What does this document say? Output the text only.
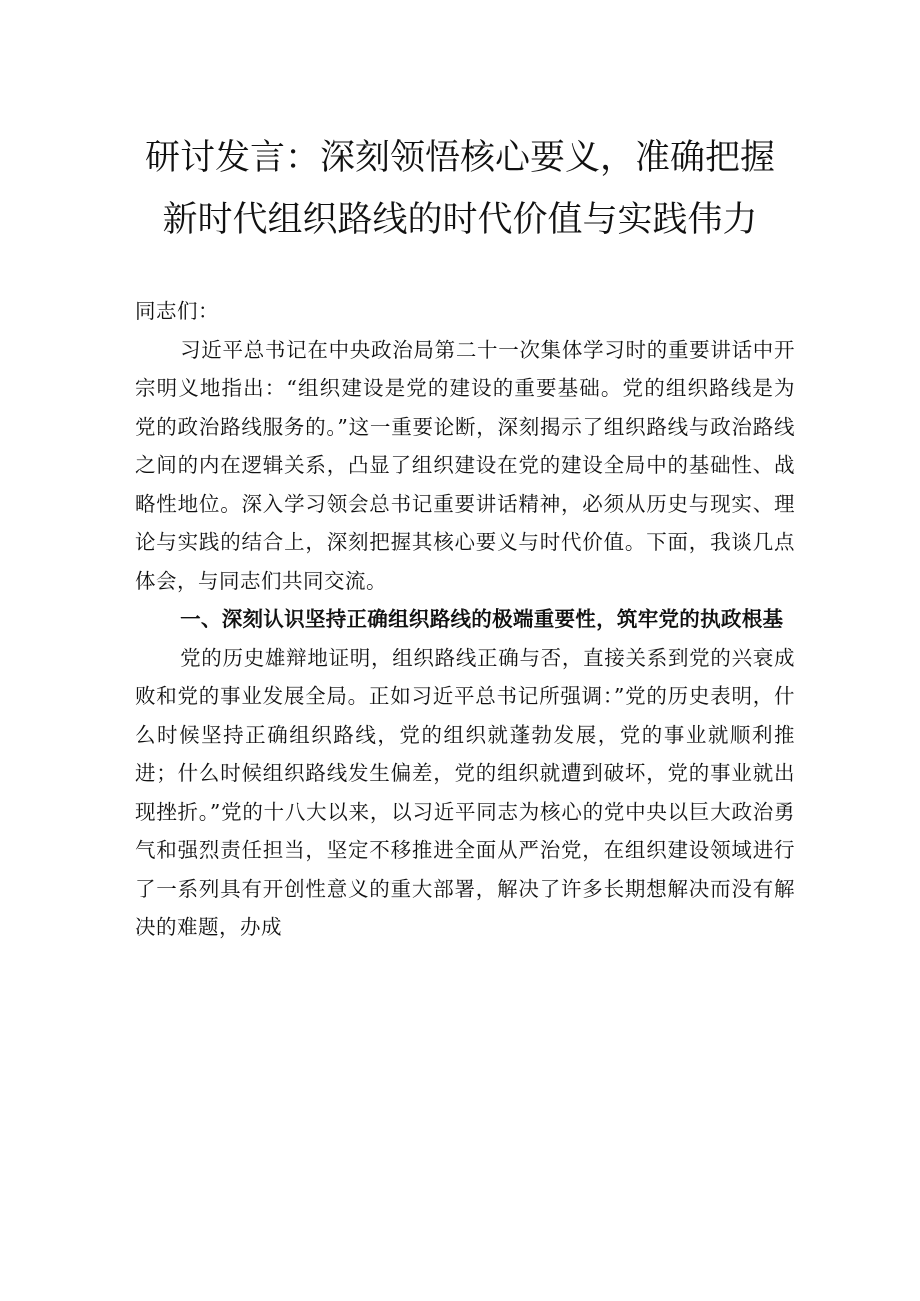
研讨发言：深刻领悟核心要义，准确把握
新时代组织路线的时代价值与实践伟力

同志们：

习近平总书记在中央政治局第二十一次集体学习时的重要讲话中开宗明义地指出：“组织建设是党的建设的重要基础。党的组织路线是为党的政治路线服务的。”这一重要论断，深刻揭示了组织路线与政治路线之间的内在逻辑关系，凸显了组织建设在党的建设全局中的基础性、战略性地位。深入学习领会总书记重要讲话精神，必须从历史与现实、理论与实践的结合上，深刻把握其核心要义与时代价值。下面，我谈几点体会，与同志们共同交流。

一、深刻认识坚持正确组织路线的极端重要性，筑牢党的执政根基

党的历史雄辩地证明，组织路线正确与否，直接关系到党的兴衰成败和党的事业发展全局。正如习近平总书记所强调：”党的历史表明，什么时候坚持正确组织路线，党的组织就蓬勃发展，党的事业就顺利推进；什么时候组织路线发生偏差，党的组织就遭到破坏，党的事业就出现挫折。”党的十八大以来，以习近平同志为核心的党中央以巨大政治勇气和强烈责任担当，坚定不移推进全面从严治党，在组织建设领域进行了一系列具有开创性意义的重大部署，解决了许多长期想解决而没有解决的难题，办成
